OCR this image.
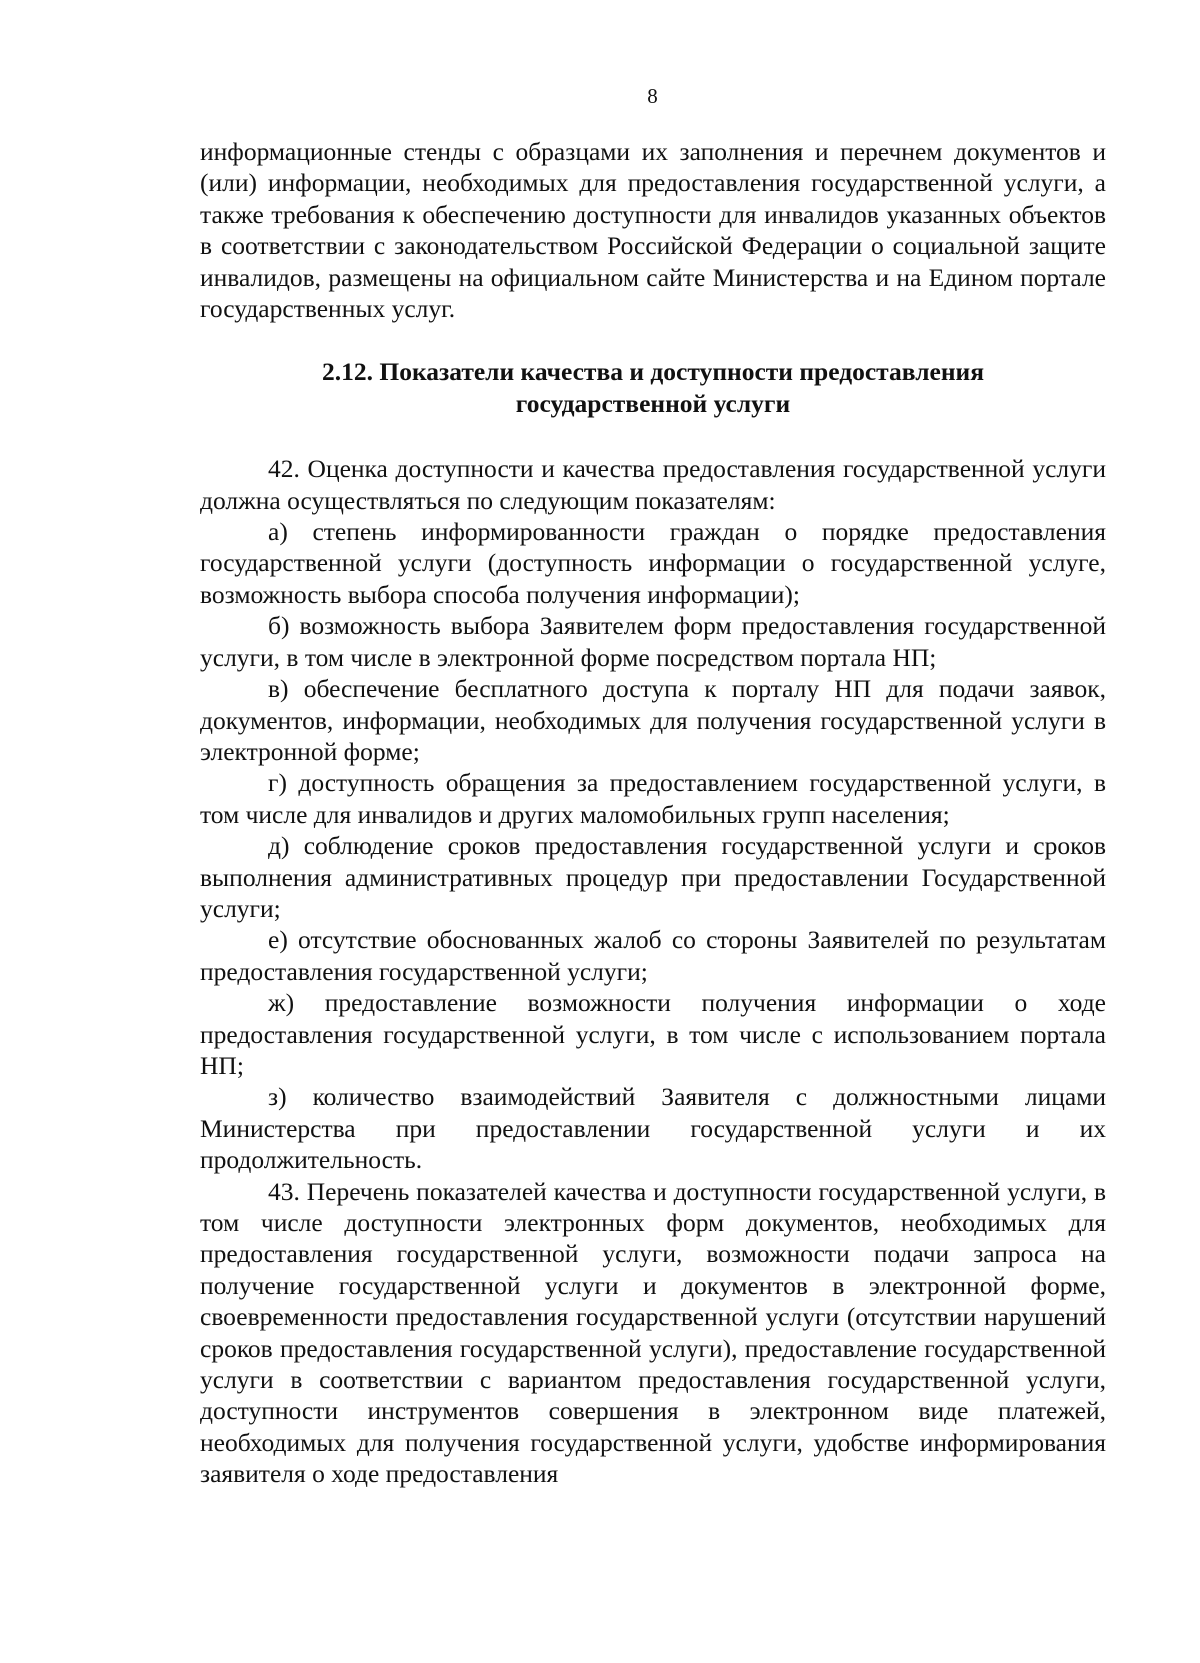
8

информационные стенды с образцами их заполнения и перечнем документов и (или) информации, необходимых для предоставления государственной услуги, а также требования к обеспечению доступности для инвалидов указанных объектов в соответствии с законодательством Российской Федерации о социальной защите инвалидов, размещены на официальном сайте Министерства и на Едином портале государственных услуг.

2.12. Показатели качества и доступности предоставления
государственной услуги

42. Оценка доступности и качества предоставления государственной услуги должна осуществляться по следующим показателям:

а) степень информированности граждан о порядке предоставления государственной услуги (доступность информации о государственной услуге, возможность выбора способа получения информации);

б) возможность выбора Заявителем форм предоставления государственной услуги, в том числе в электронной форме посредством портала НП;

в) обеспечение бесплатного доступа к порталу НП для подачи заявок, документов, информации, необходимых для получения государственной услуги в электронной форме;

г) доступность обращения за предоставлением государственной услуги, в том числе для инвалидов и других маломобильных групп населения;

д) соблюдение сроков предоставления государственной услуги и сроков выполнения административных процедур при предоставлении Государственной услуги;

е) отсутствие обоснованных жалоб со стороны Заявителей по результатам предоставления государственной услуги;

ж) предоставление возможности получения информации о ходе предоставления государственной услуги, в том числе с использованием портала НП;

з) количество взаимодействий Заявителя с должностными лицами Министерства при предоставлении государственной услуги и их продолжительность.

43. Перечень показателей качества и доступности государственной услуги, в том числе доступности электронных форм документов, необходимых для предоставления государственной услуги, возможности подачи запроса на получение государственной услуги и документов в электронной форме, своевременности предоставления государственной услуги (отсутствии нарушений сроков предоставления государственной услуги), предоставление государственной услуги в соответствии с вариантом предоставления государственной услуги, доступности инструментов совершения в электронном виде платежей, необходимых для получения государственной услуги, удобстве информирования заявителя о ходе предоставления
